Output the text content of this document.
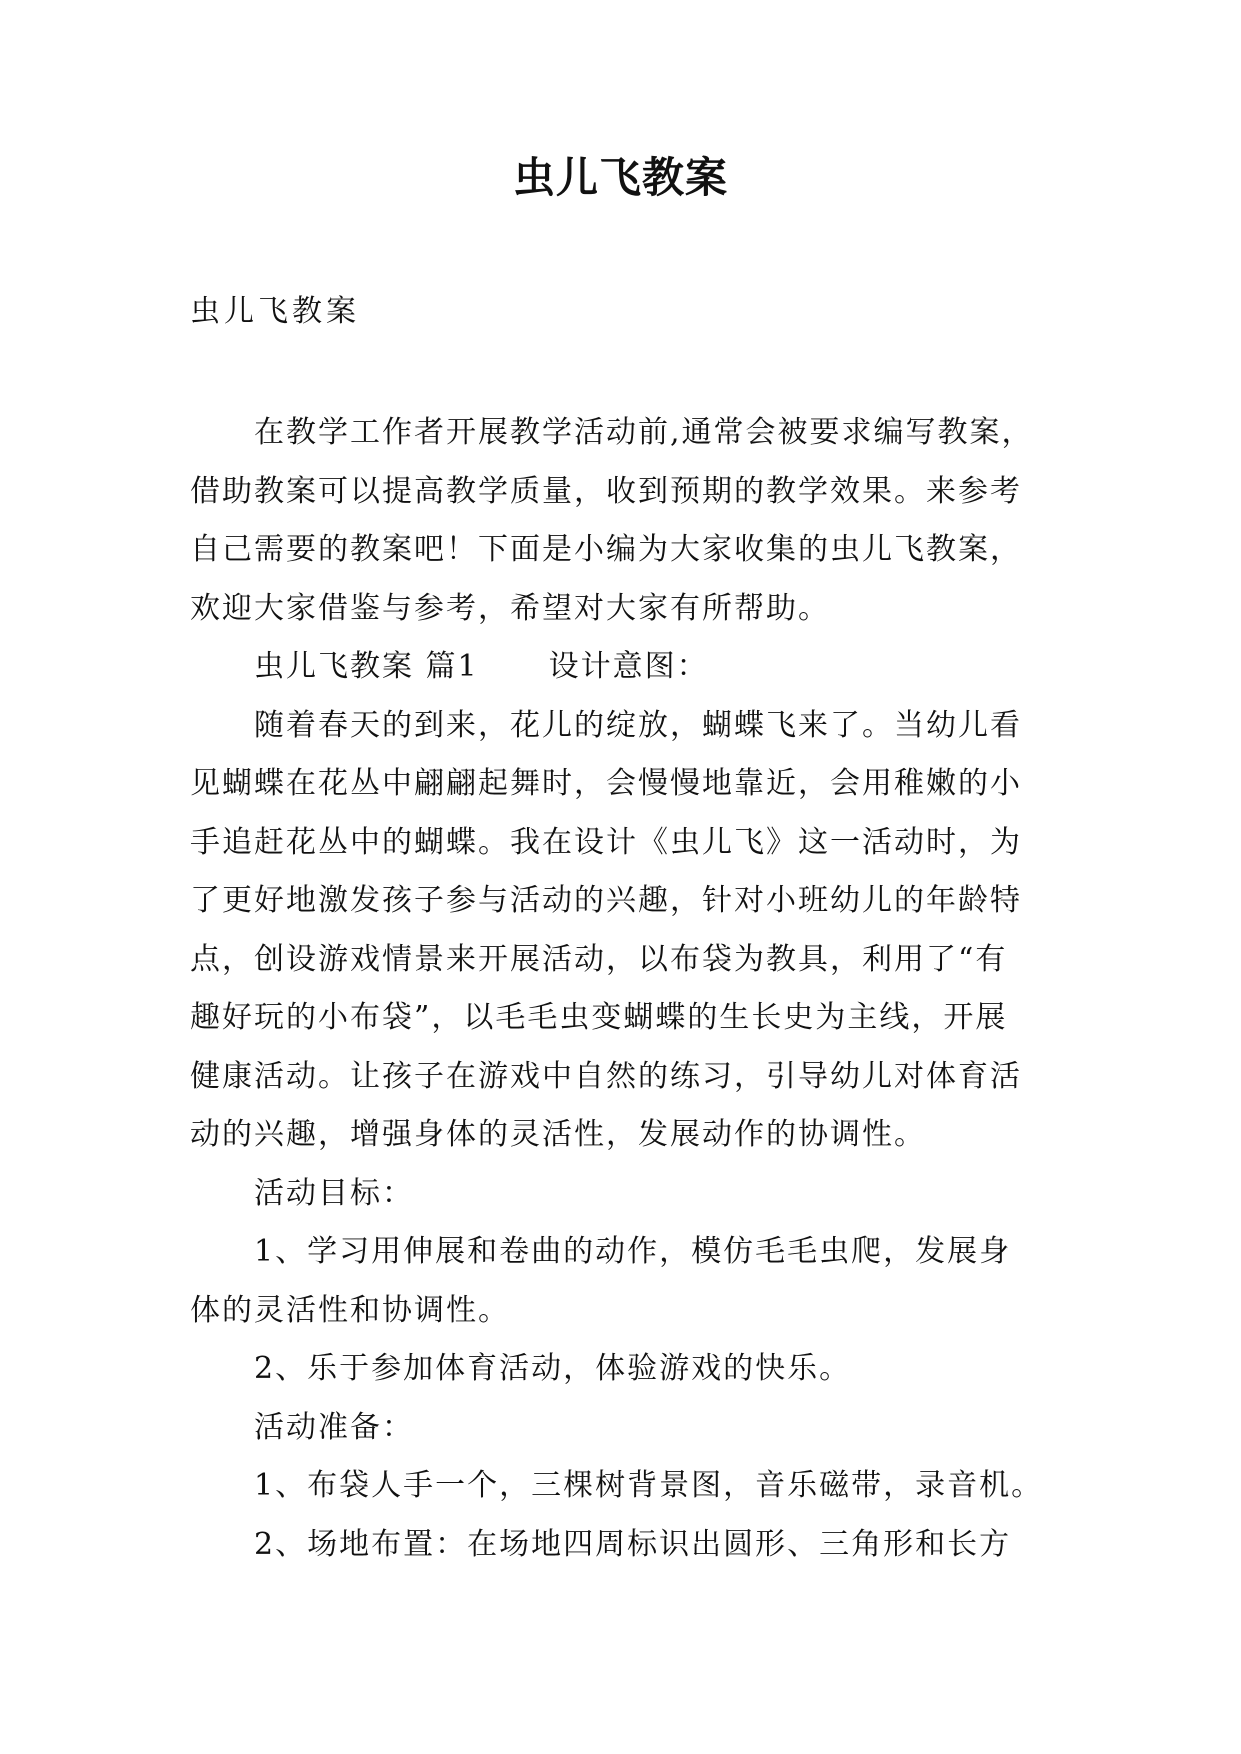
虫儿飞教案
虫儿飞教案
在教学工作者开展教学活动前,通常会被要求编写教案，
借助教案可以提高教学质量，收到预期的教学效果。来参考
自己需要的教案吧！下面是小编为大家收集的虫儿飞教案，
欢迎大家借鉴与参考，希望对大家有所帮助。
虫儿飞教案 篇1 设计意图：
随着春天的到来，花儿的绽放，蝴蝶飞来了。当幼儿看
见蝴蝶在花丛中翩翩起舞时，会慢慢地靠近，会用稚嫩的小
手追赶花丛中的蝴蝶。我在设计《虫儿飞》这一活动时，为
了更好地激发孩子参与活动的兴趣，针对小班幼儿的年龄特
点，创设游戏情景来开展活动，以布袋为教具，利用了“有
趣好玩的小布袋”，以毛毛虫变蝴蝶的生长史为主线，开展
健康活动。让孩子在游戏中自然的练习，引导幼儿对体育活
动的兴趣，增强身体的灵活性，发展动作的协调性。
活动目标：
1、学习用伸展和卷曲的动作，模仿毛毛虫爬，发展身
体的灵活性和协调性。
2、乐于参加体育活动，体验游戏的快乐。
活动准备：
1、布袋人手一个，三棵树背景图，音乐磁带，录音机。
2、场地布置：在场地四周标识出圆形、三角形和长方
